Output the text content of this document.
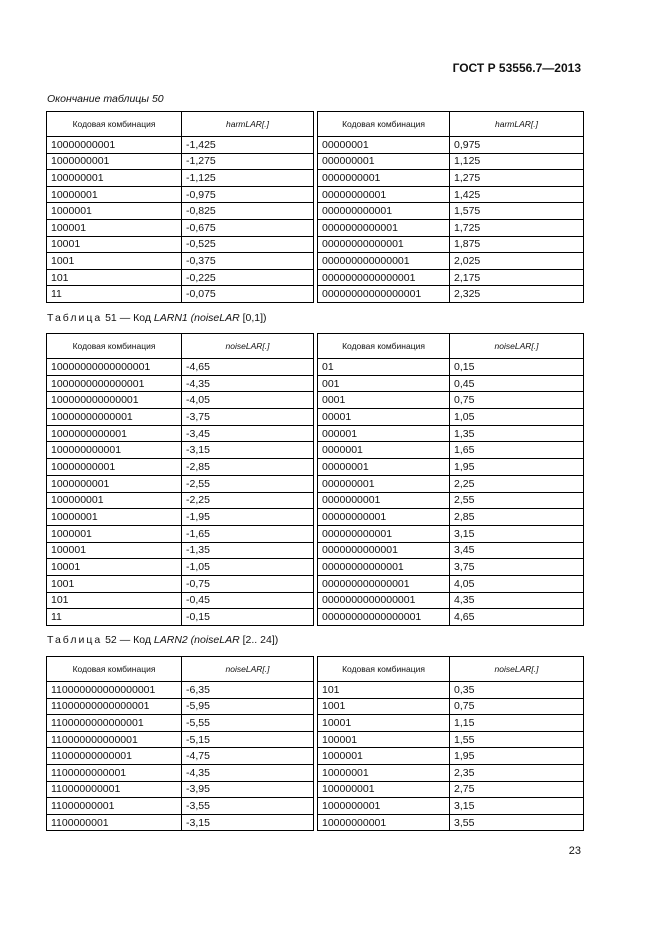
ГОСТ Р 53556.7—2013
Окончание таблицы 50
Кодовая комбинация	harmLAR[.]		Кодовая комбинация	harmLAR[.]
10000000001	-1,425		00000001	0,975
1000000001	-1,275		000000001	1,125
100000001	-1,125		0000000001	1,275
10000001	-0,975		00000000001	1,425
1000001	-0,825		000000000001	1,575
100001	-0,675		0000000000001	1,725
10001	-0,525		00000000000001	1,875
1001	-0,375		000000000000001	2,025
101	-0,225		0000000000000001	2,175
11	-0,075		00000000000000001	2,325
Таблица 51 — Код LARN1 (noiseLAR [0,1])
Кодовая комбинация	noiseLAR[.]		Кодовая комбинация	noiseLAR[.]
10000000000000001	-4,65		01	0,15
1000000000000001	-4,35		001	0,45
100000000000001	-4,05		0001	0,75
10000000000001	-3,75		00001	1,05
1000000000001	-3,45		000001	1,35
100000000001	-3,15		0000001	1,65
10000000001	-2,85		00000001	1,95
1000000001	-2,55		000000001	2,25
100000001	-2,25		0000000001	2,55
10000001	-1,95		00000000001	2,85
1000001	-1,65		000000000001	3,15
100001	-1,35		0000000000001	3,45
10001	-1,05		00000000000001	3,75
1001	-0,75		000000000000001	4,05
101	-0,45		0000000000000001	4,35
11	-0,15		00000000000000001	4,65
Таблица 52 — Код LARN2 (noiseLAR [2.. 24])
Кодовая комбинация	noiseLAR[.]		Кодовая комбинация	noiseLAR[.]
110000000000000001	-6,35		101	0,35
11000000000000001	-5,95		1001	0,75
1100000000000001	-5,55		10001	1,15
110000000000001	-5,15		100001	1,55
11000000000001	-4,75		1000001	1,95
1100000000001	-4,35		10000001	2,35
110000000001	-3,95		100000001	2,75
11000000001	-3,55		1000000001	3,15
1100000001	-3,15		10000000001	3,55
23
